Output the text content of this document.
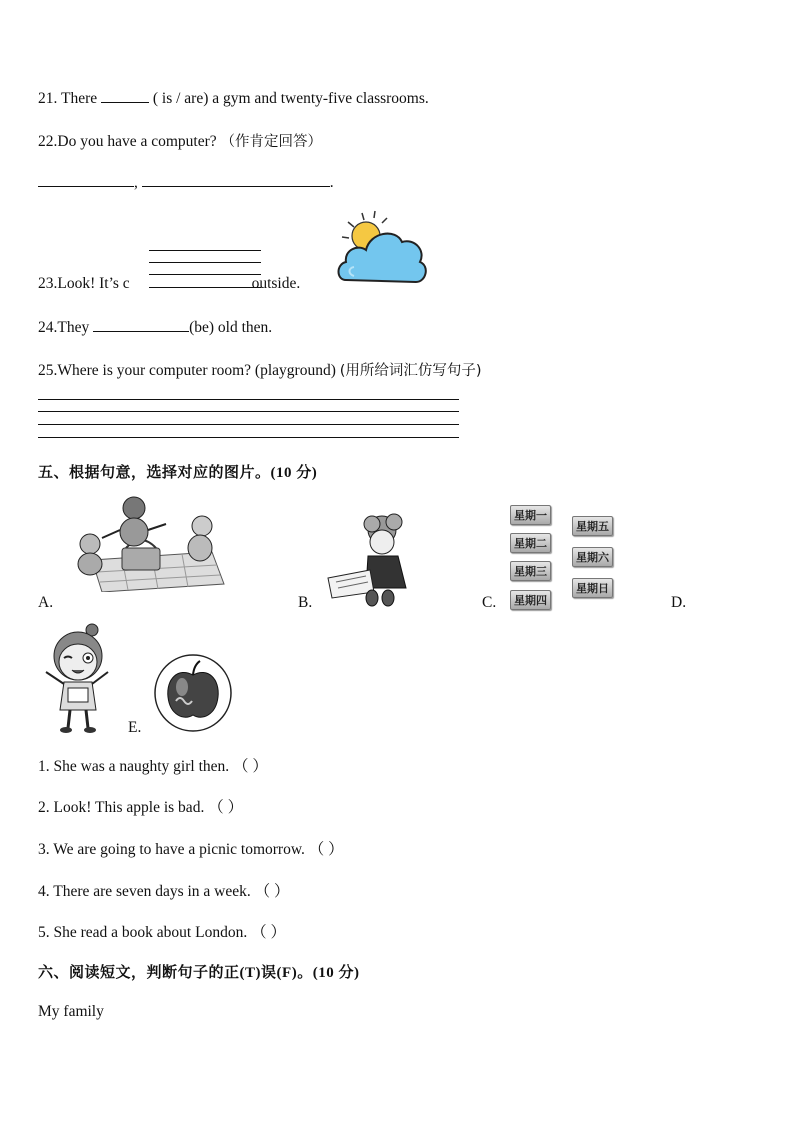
21. There	( is / are) a gym and twenty-five classrooms.
22.Do you have a computer? （作肯定回答）
,	.
23.Look! It’s c	outside.
24.They	(be) old then.
25.Where is your computer room? (playground) (用所给词汇仿写句子)
五、根据句意，选择对应的图片。(10 分)
A.	B.
星期一
星期二
星期三
星期四
星期五
星期六
星期日
C.	D.
E.
1. She was a naughty girl then. （ ）
2. Look! This apple is bad. （ ）
3. We are going to have a picnic tomorrow. （ ）
4. There are seven days in a week. （ ）
5. She read a book about London. （ ）
六、阅读短文，判断句子的正(T)误(F)。(10 分)
My family
